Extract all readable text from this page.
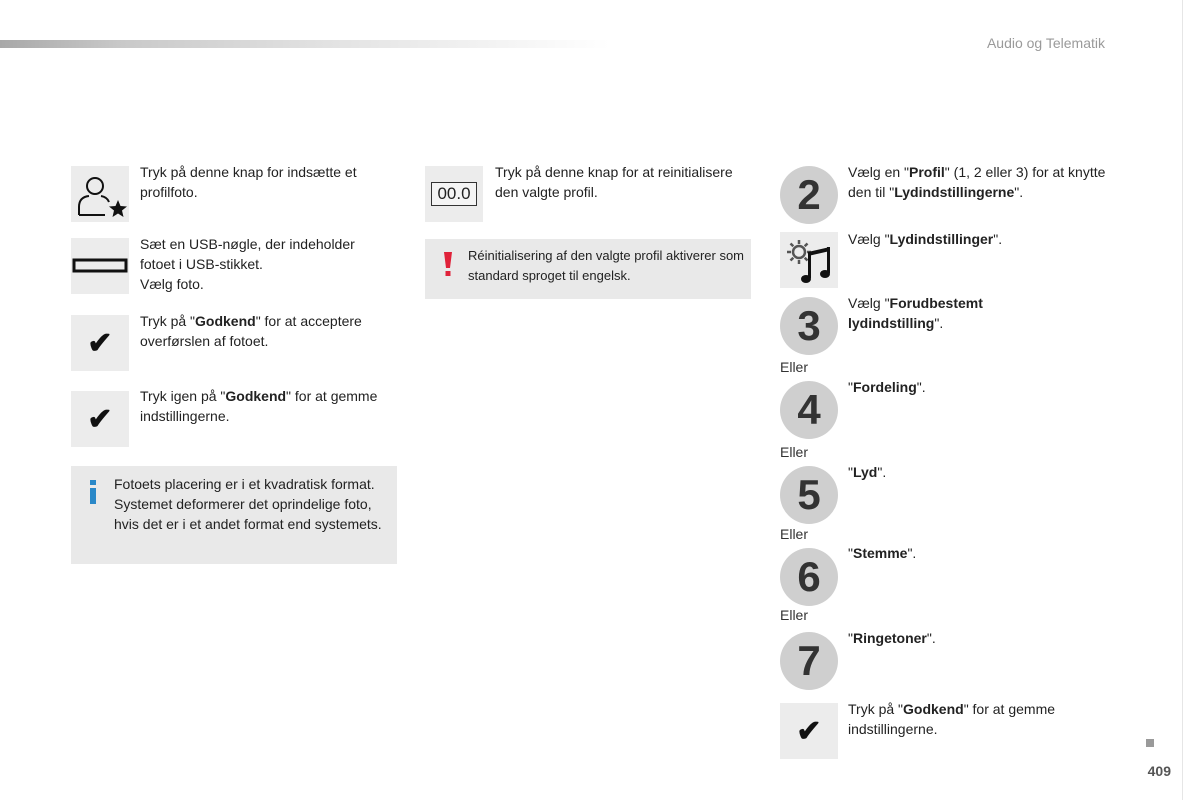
Audio og Telematik
409
Tryk på denne knap for indsætte et profilfoto.
Sæt en USB-nøgle, der indeholder
fotoet i USB-stikket.
Vælg foto.
✔
Tryk på "Godkend" for at acceptere overførslen af fotoet.
✔
Tryk igen på "Godkend" for at gemme indstillingerne.
Fotoets placering er i et kvadratisk format. Systemet deformerer det oprindelige foto, hvis det er i et andet format end systemets.
00.0
Tryk på denne knap for at reinitialisere den valgte profil.
Réinitialisering af den valgte profil aktiverer som standard sproget til engelsk.
2	Vælg en "Profil" (1, 2 eller 3) for at knytte den til "Lydindstillingerne".
Vælg "Lydindstillinger".
3	Vælg "Forudbestemt lydindstilling".
Eller
4	"Fordeling".
Eller
5	"Lyd".
Eller
6	"Stemme".
Eller
7	"Ringetoner".
✔
Tryk på "Godkend" for at gemme indstillingerne.
